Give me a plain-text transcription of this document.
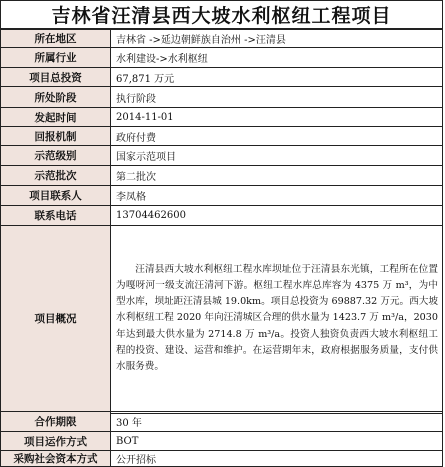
吉林省汪清县西大坡水利枢纽工程项目
所在地区	吉林省 ->延边朝鲜族自治州 ->汪清县
所属行业	水利建设->水利枢纽
项目总投资	67,871 万元
所处阶段	执行阶段
发起时间	2014-11-01
回报机制	政府付费
示范级别	国家示范项目
示范批次	第二批次
项目联系人	李凤格
联系电话	13704462600
项目概况	汪清县西大坡水利枢纽工程水库坝址位于汪清县东光镇，工程所在位置为嘎呀河一级支流汪清河下游。枢纽工程水库总库容为 4375 万 m³，为中型水库，坝址距汪清县城 19.0km。项目总投资为 69887.32 万元。西大坡水利枢纽工程 2020 年向汪清城区合理的供水量为 1423.7 万 m³/a，2030 年达到最大供水量为 2714.8 万 m³/a。投资人独资负责西大坡水利枢纽工程的投资、建设、运营和维护。在运营期年末，政府根据服务质量，支付供水服务费。
合作期限	30 年
项目运作方式	BOT
采购社会资本方式	公开招标
